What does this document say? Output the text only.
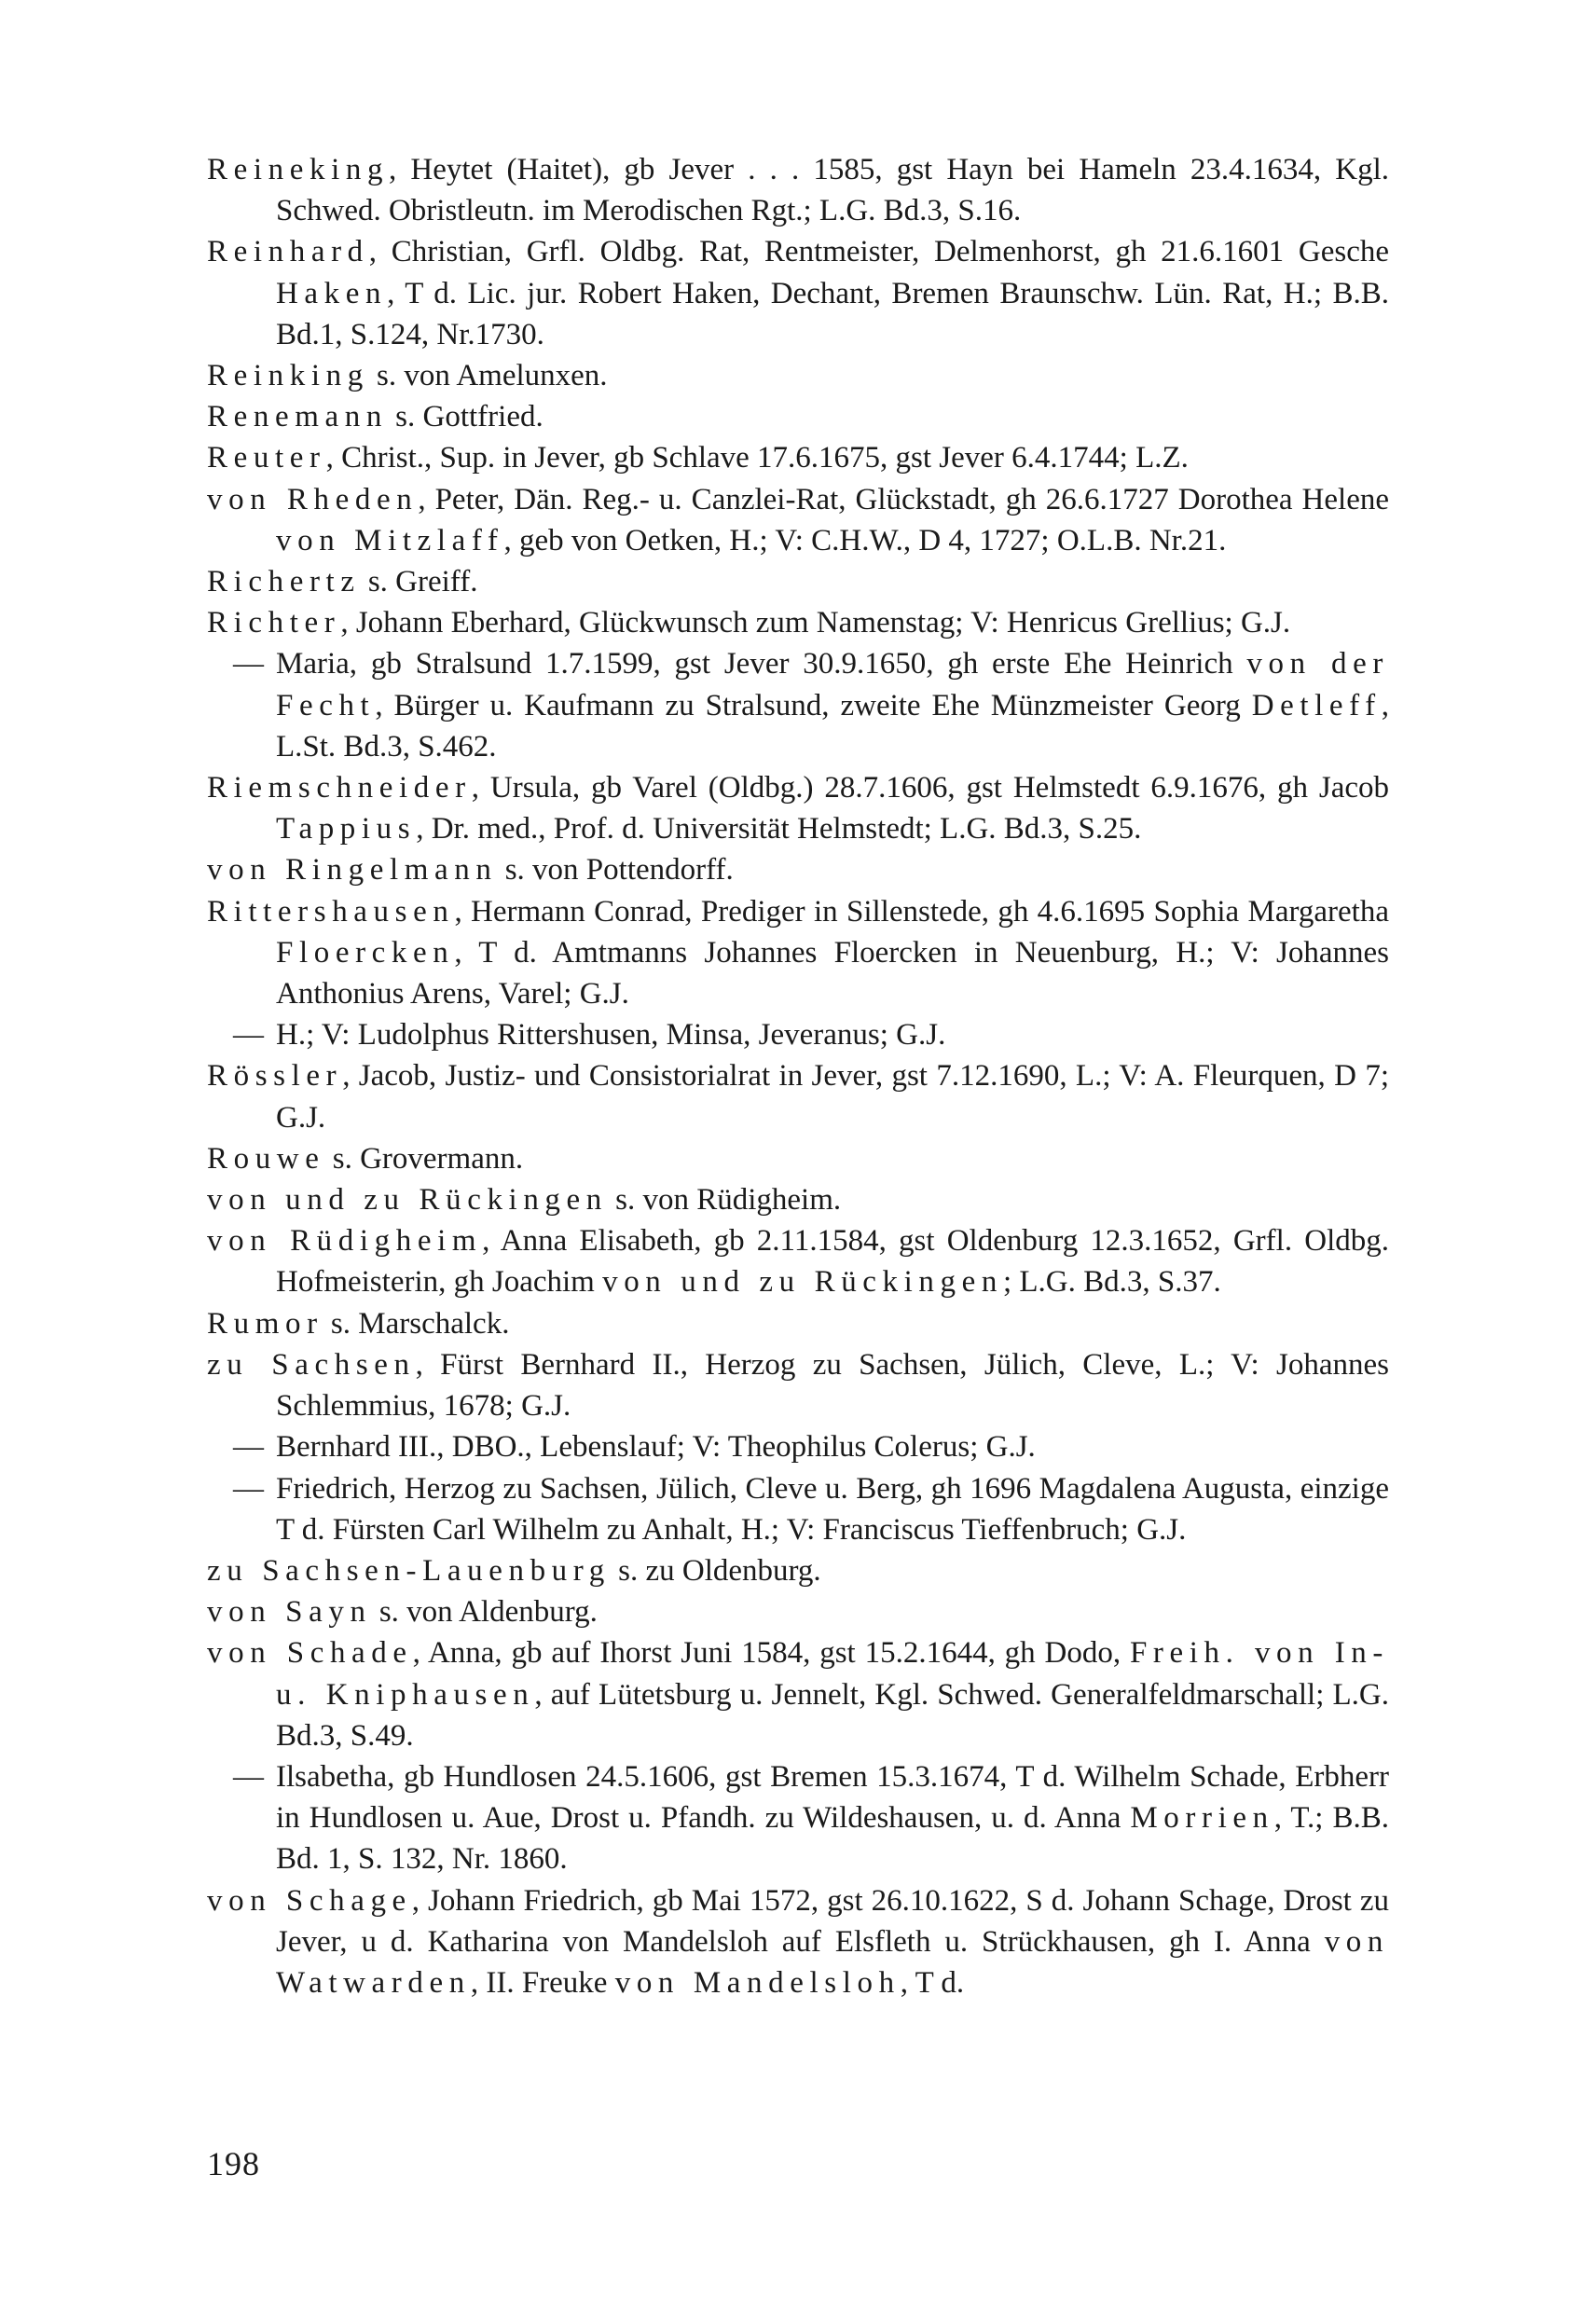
Reineking, Heytet (Haitet), gb Jever . . . 1585, gst Hayn bei Hameln 23.4.1634, Kgl. Schwed. Obristleutn. im Merodischen Rgt.; L.G. Bd.3, S.16.
Reinhard, Christian, Grfl. Oldbg. Rat, Rentmeister, Delmenhorst, gh 21.6.1601 Gesche Haken, T d. Lic. jur. Robert Haken, Dechant, Bremen Braunschw. Lün. Rat, H.; B.B. Bd.1, S.124, Nr.1730.
Reinking s. von Amelunxen.
Renemann s. Gottfried.
Reuter, Christ., Sup. in Jever, gb Schlave 17.6.1675, gst Jever 6.4.1744; L.Z.
von Rheden, Peter, Dän. Reg.- u. Canzlei-Rat, Glückstadt, gh 26.6.1727 Dorothea Helene von Mitzlaff, geb von Oetken, H.; V: C.H.W., D 4, 1727; O.L.B. Nr.21.
Richertz s. Greiff.
Richter, Johann Eberhard, Glückwunsch zum Namenstag; V: Henricus Grellius; G.J.
— Maria, gb Stralsund 1.7.1599, gst Jever 30.9.1650, gh erste Ehe Heinrich von der Fecht, Bürger u. Kaufmann zu Stralsund, zweite Ehe Münzmeister Georg Detleff, L.St. Bd.3, S.462.
Riemschneider, Ursula, gb Varel (Oldbg.) 28.7.1606, gst Helmstedt 6.9.1676, gh Jacob Tappius, Dr. med., Prof. d. Universität Helmstedt; L.G. Bd.3, S.25.
von Ringelmann s. von Pottendorff.
Rittershausen, Hermann Conrad, Prediger in Sillenstede, gh 4.6.1695 Sophia Margaretha Floercken, T d. Amtmanns Johannes Floercken in Neuenburg, H.; V: Johannes Anthonius Arens, Varel; G.J.
— H.; V: Ludolphus Rittershusen, Minsa, Jeveranus; G.J.
Rössler, Jacob, Justiz- und Consistorialrat in Jever, gst 7.12.1690, L.; V: A. Fleurquen, D 7; G.J.
Rouwe s. Grovermann.
von und zu Rückingen s. von Rüdigheim.
von Rüdigheim, Anna Elisabeth, gb 2.11.1584, gst Oldenburg 12.3.1652, Grfl. Oldbg. Hofmeisterin, gh Joachim von und zu Rückingen; L.G. Bd.3, S.37.
Rumor s. Marschalck.
zu Sachsen, Fürst Bernhard II., Herzog zu Sachsen, Jülich, Cleve, L.; V: Johannes Schlemmius, 1678; G.J.
— Bernhard III., DBO., Lebenslauf; V: Theophilus Colerus; G.J.
— Friedrich, Herzog zu Sachsen, Jülich, Cleve u. Berg, gh 1696 Magdalena Augusta, einzige T d. Fürsten Carl Wilhelm zu Anhalt, H.; V: Franciscus Tieffenbruch; G.J.
zu Sachsen-Lauenburg s. zu Oldenburg.
von Sayn s. von Aldenburg.
von Schade, Anna, gb auf Ihorst Juni 1584, gst 15.2.1644, gh Dodo, Freih. von In- u. Kniphausen, auf Lütetsburg u. Jennelt, Kgl. Schwed. Generalfeldmarschall; L.G. Bd.3, S.49.
— Ilsabetha, gb Hundlosen 24.5.1606, gst Bremen 15.3.1674, T d. Wilhelm Schade, Erbherr in Hundlosen u. Aue, Drost u. Pfandh. zu Wildeshausen, u. d. Anna Morrien, T.; B.B. Bd. 1, S. 132, Nr. 1860.
von Schage, Johann Friedrich, gb Mai 1572, gst 26.10.1622, S d. Johann Schage, Drost zu Jever, u d. Katharina von Mandelsloh auf Elsfleth u. Strückhausen, gh I. Anna von Watwarden, II. Freuke von Mandelsloh, T d.
198
